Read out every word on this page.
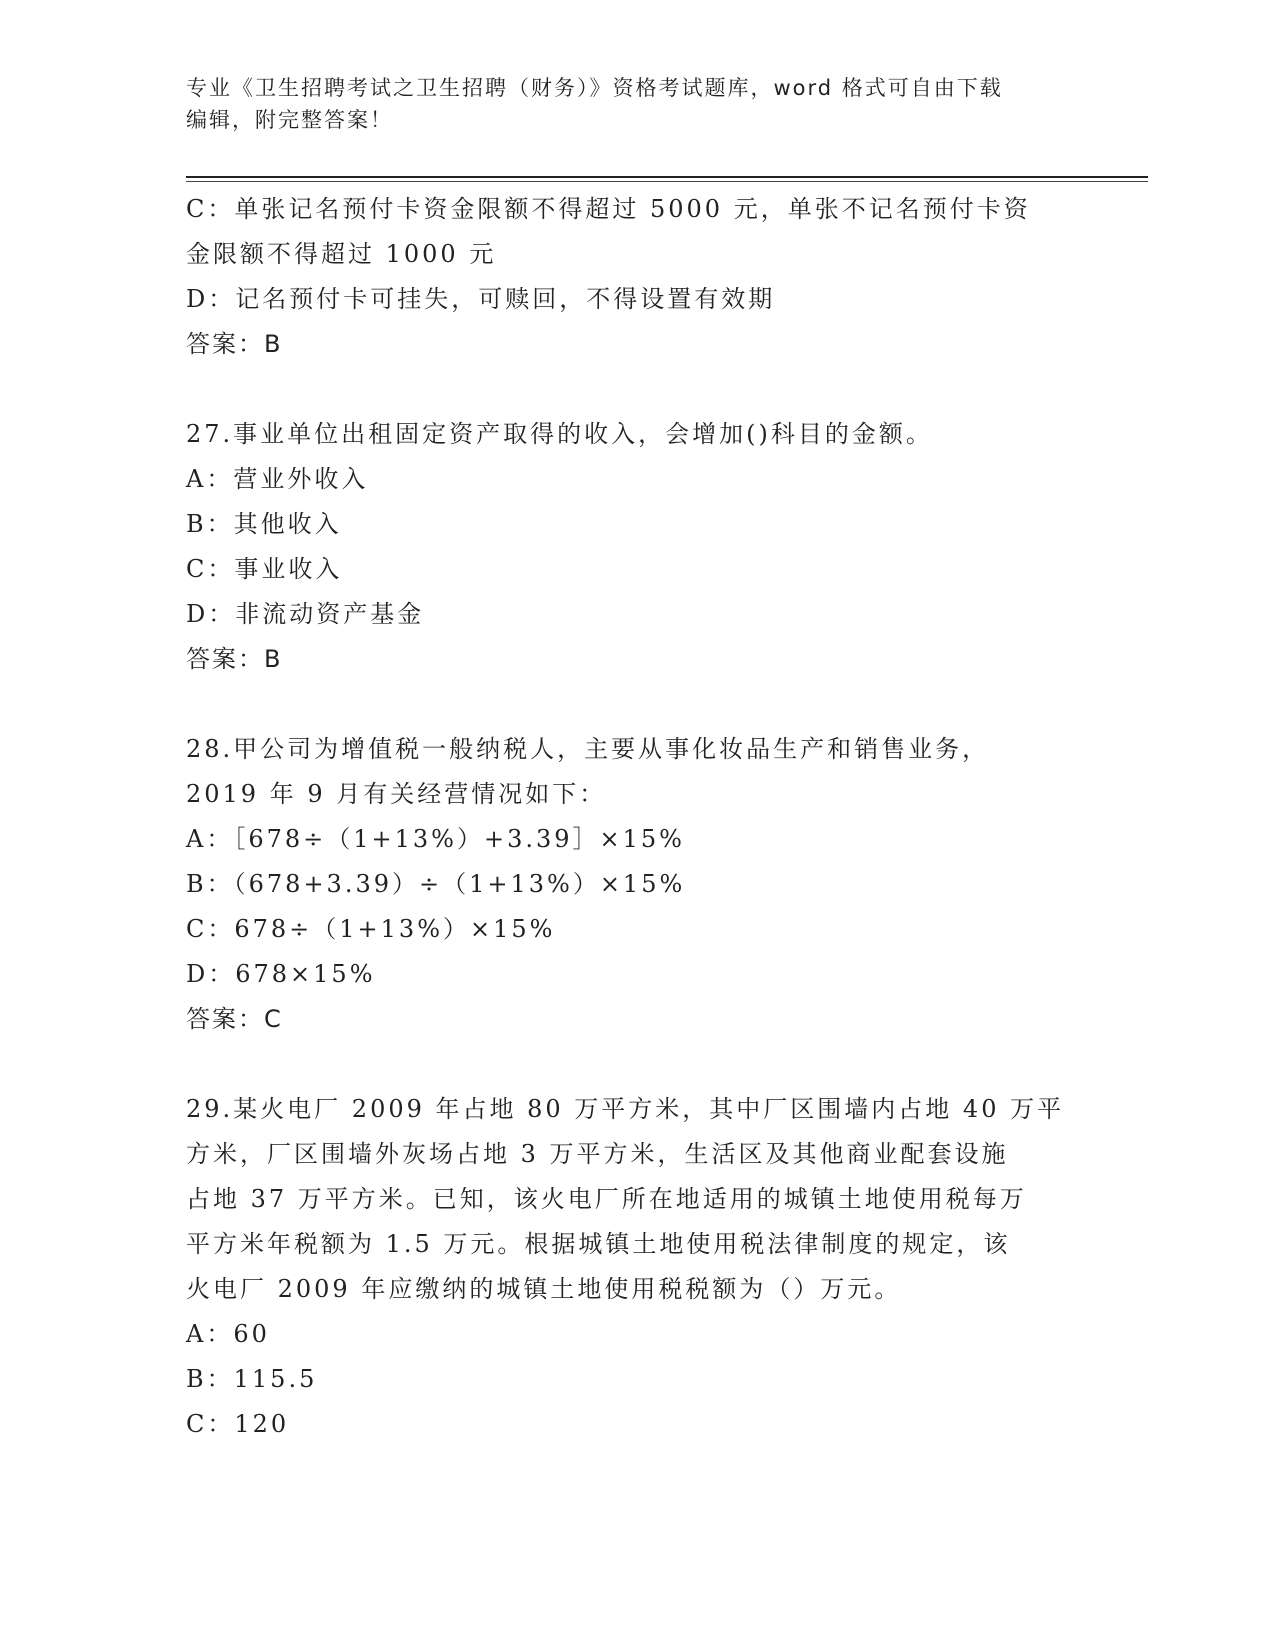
专业《卫生招聘考试之卫生招聘（财务）》资格考试题库，word 格式可自由下载
编辑，附完整答案！
C：单张记名预付卡资金限额不得超过 5000 元，单张不记名预付卡资
金限额不得超过 1000 元
D：记名预付卡可挂失，可赎回，不得设置有效期
答案：B
27.事业单位出租固定资产取得的收入，会增加()科目的金额。
A：营业外收入
B：其他收入
C：事业收入
D：非流动资产基金
答案：B
28.甲公司为增值税一般纳税人，主要从事化妆品生产和销售业务，
2019 年 9 月有关经营情况如下：
A：［678÷（1+13%）+3.39］×15%
B：（678+3.39）÷（1+13%）×15%
C：678÷（1+13%）×15%
D：678×15%
答案：C
29.某火电厂 2009 年占地 80 万平方米，其中厂区围墙内占地 40 万平
方米，厂区围墙外灰场占地 3 万平方米，生活区及其他商业配套设施
占地 37 万平方米。已知，该火电厂所在地适用的城镇土地使用税每万
平方米年税额为 1.5 万元。根据城镇土地使用税法律制度的规定，该
火电厂 2009 年应缴纳的城镇土地使用税税额为（）万元。
A：60
B：115.5
C：120
